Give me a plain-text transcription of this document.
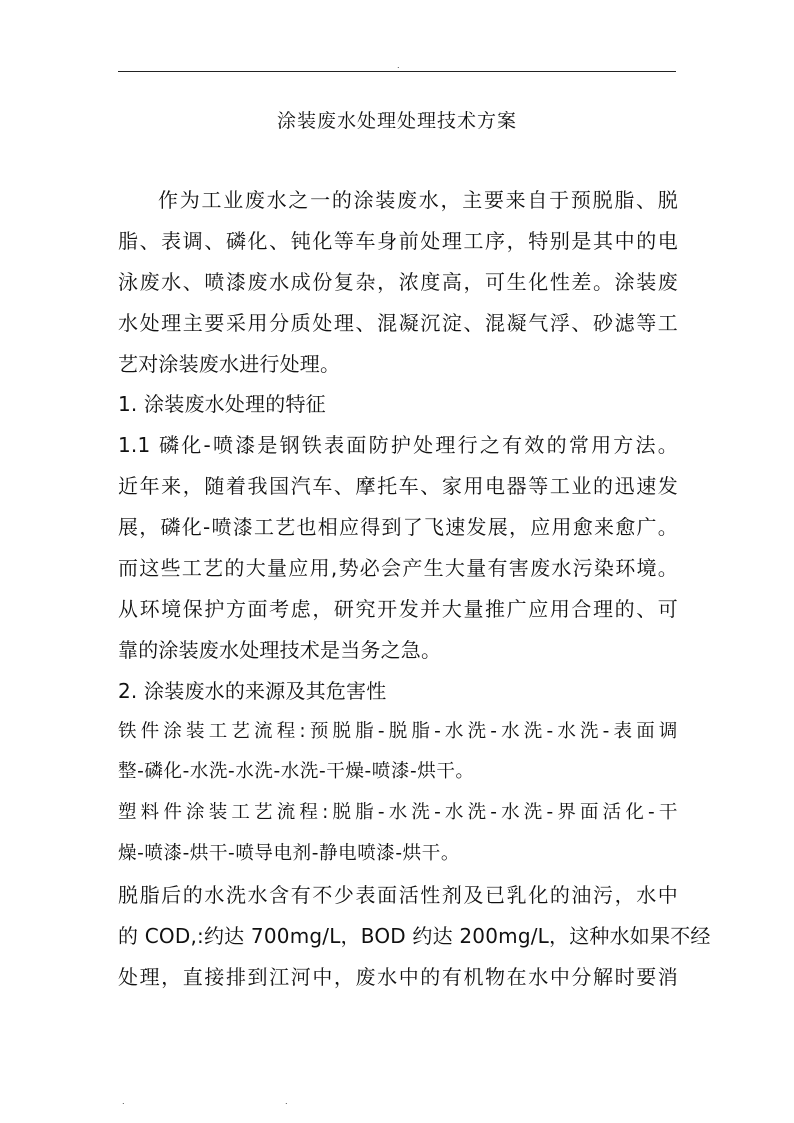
.
涂装废水处理处理技术方案
作为工业废水之一的涂装废水，主要来自于预脱脂、脱
脂、表调、磷化、钝化等车身前处理工序，特别是其中的电
泳废水、喷漆废水成份复杂，浓度高，可生化性差。涂装废
水处理主要采用分质处理、混凝沉淀、混凝气浮、砂滤等工
艺对涂装废水进行处理。
1. 涂装废水处理的特征
1.1 磷化-喷漆是钢铁表面防护处理行之有效的常用方法。
近年来，随着我国汽车、摩托车、家用电器等工业的迅速发
展，磷化-喷漆工艺也相应得到了飞速发展，应用愈来愈广。
而这些工艺的大量应用,势必会产生大量有害废水污染环境。
从环境保护方面考虑，研究开发并大量推广应用合理的、可
靠的涂装废水处理技术是当务之急。
2. 涂装废水的来源及其危害性
铁件涂装工艺流程:预脱脂-脱脂-水洗-水洗-水洗-表面调
整-磷化-水洗-水洗-水洗-干燥-喷漆-烘干。
塑料件涂装工艺流程:脱脂-水洗-水洗-水洗-界面活化-干
燥-喷漆-烘干-喷导电剂-静电喷漆-烘干。
脱脂后的水洗水含有不少表面活性剂及已乳化的油污，水中
的 COD,:约达 700mg/L，BOD 约达 200mg/L，这种水如果不经
处理，直接排到江河中，废水中的有机物在水中分解时要消
.	.
